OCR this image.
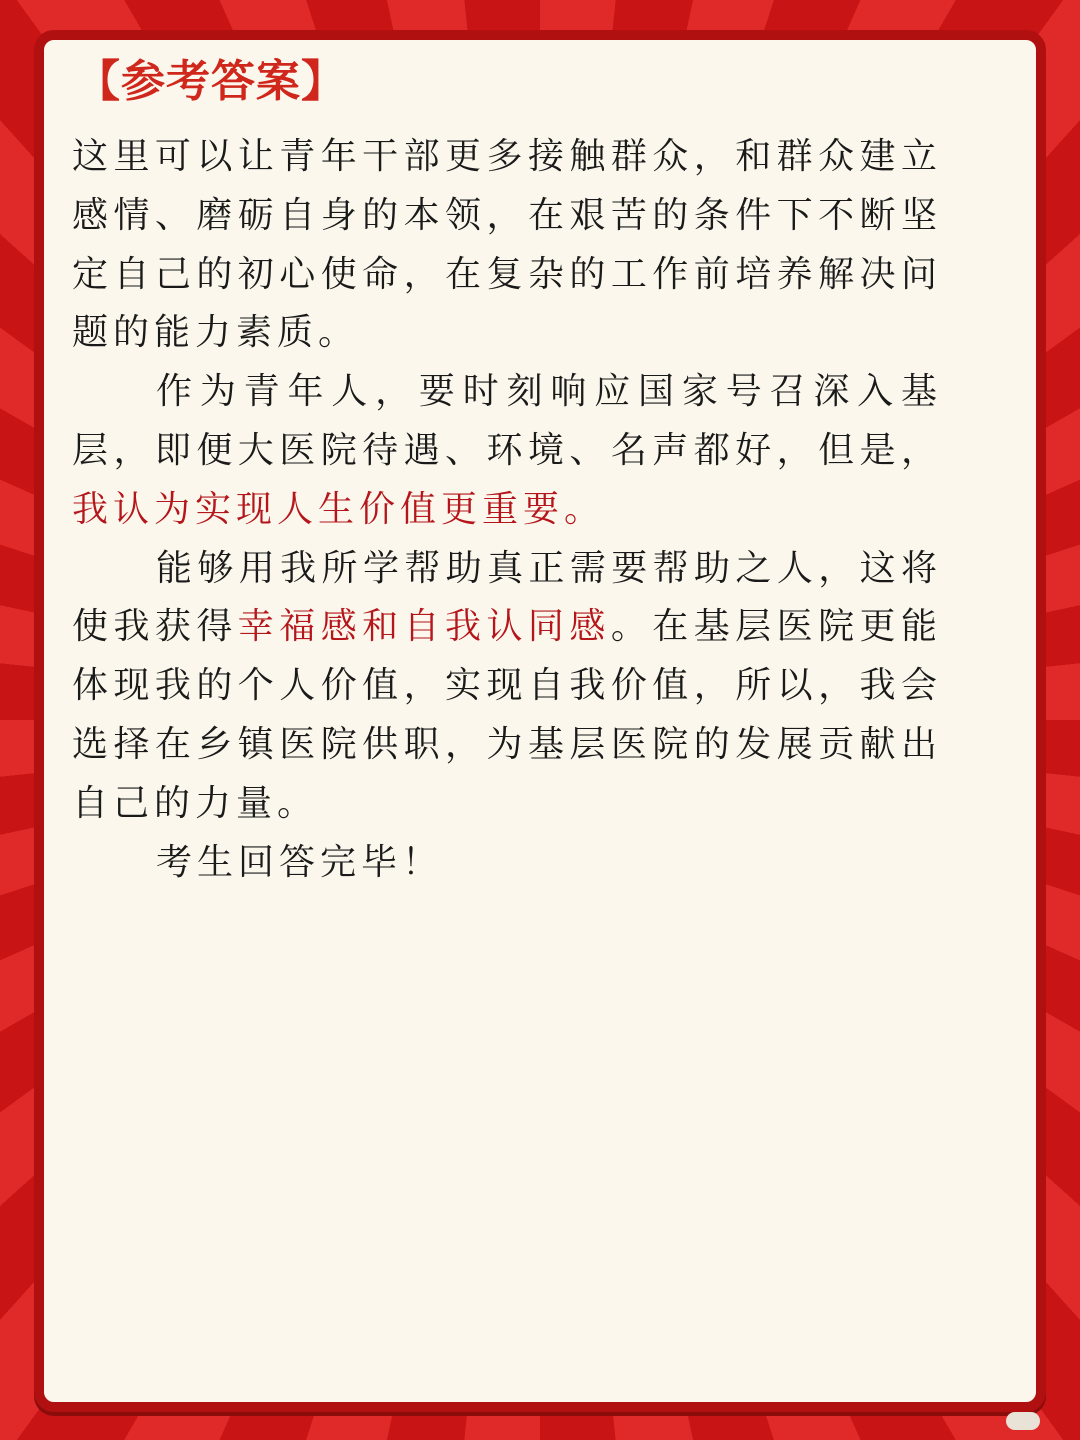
【参考答案】

这里可以让青年干部更多接触群众，和群众建立感情、磨砺自身的本领，在艰苦的条件下不断坚定自己的初心使命，在复杂的工作前培养解决问题的能力素质。

作为青年人，要时刻响应国家号召深入基层，即便大医院待遇、环境、名声都好，但是，我认为实现人生价值更重要。

能够用我所学帮助真正需要帮助之人，这将使我获得幸福感和自我认同感。在基层医院更能体现我的个人价值，实现自我价值，所以，我会选择在乡镇医院供职，为基层医院的发展贡献出自己的力量。

考生回答完毕！
